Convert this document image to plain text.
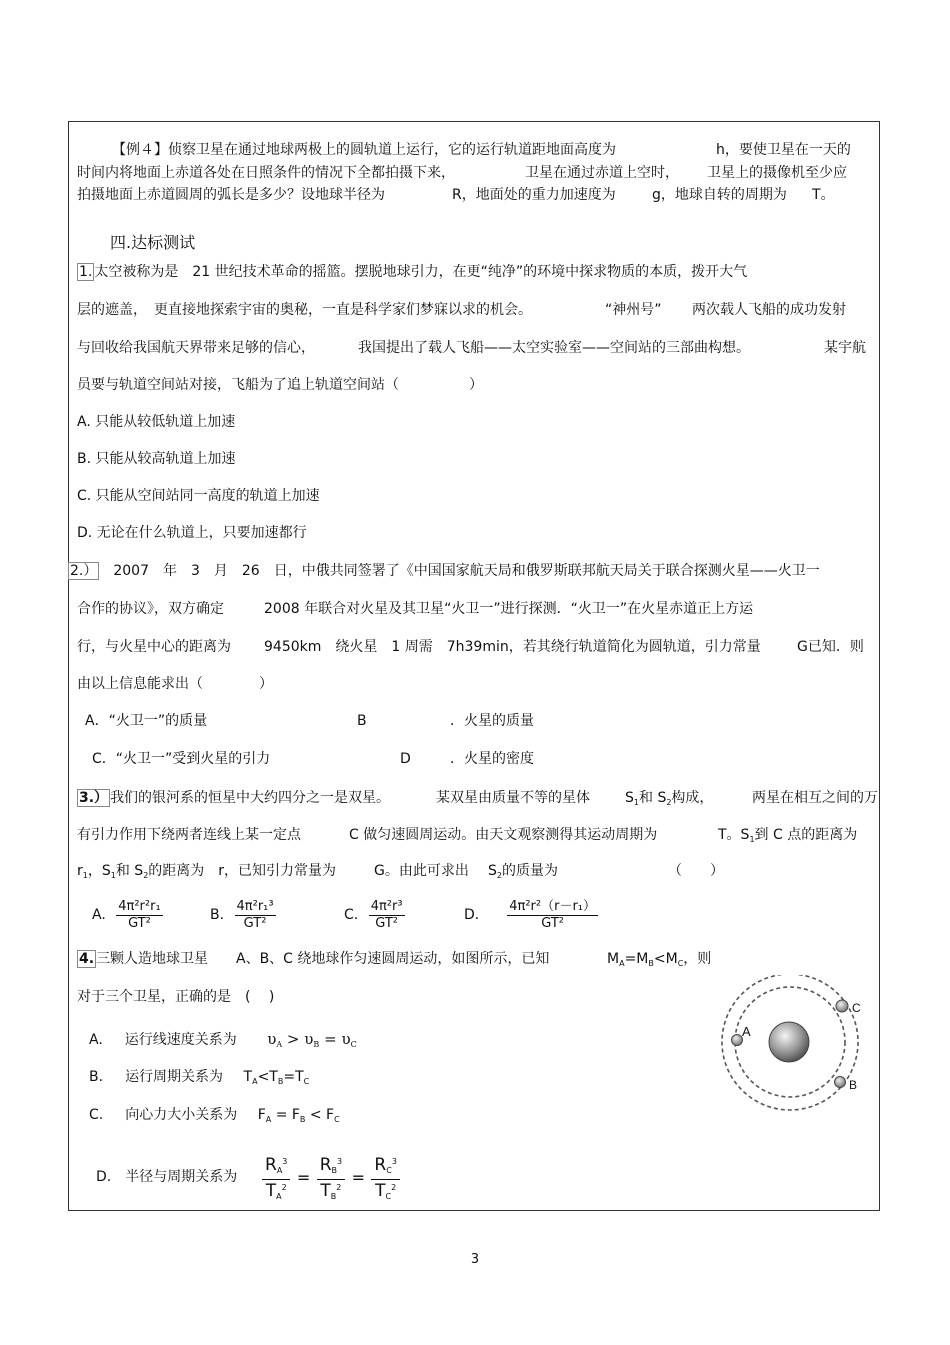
【例４】侦察卫星在通过地球两极上的圆轨道上运行，它的运行轨道距地面高度为	h，要使卫星在一天的
时间内将地面上赤道各处在日照条件的情况下全都拍摄下来，	卫星在通过赤道上空时， 卫星上的摄像机至少应
拍摄地面上赤道圆周的弧长是多少？设地球半径为	R，地面处的重力加速度为	g，地球自转的周期为 T。
四.达标测试
1. 太空被称为是　21 世纪技术革命的摇篮。摆脱地球引力，在更“纯净”的环境中探求物质的本质，拨开大气
层的遮盖，　更直接地探索宇宙的奥秘，一直是科学家们梦寐以求的机会。	“神州号” 两次载人飞船的成功发射
与回收给我国航天界带来足够的信心，	我国提出了载人飞船——太空实验室——空间站的三部曲构想。	某宇航
员要与轨道空间站对接，飞船为了追上轨道空间站（　　　　　）
A. 只能从较低轨道上加速
B. 只能从较高轨道上加速
C. 只能从空间站同一高度的轨道上加速
D. 无论在什么轨道上，只要加速都行
2.） 2007　年　3　月　26　日，中俄共同签署了《中国国家航天局和俄罗斯联邦航天局关于联合探测火星——火卫一
合作的协议》，双方确定	2008 年联合对火星及其卫星“火卫一”进行探测．“火卫一”在火星赤道正上方运
行，与火星中心的距离为 9450km　绕火星　1 周需　7h39min，若其绕行轨道简化为圆轨道，引力常量	G已知．则
由以上信息能求出（　　　　）
A．“火卫一”的质量	B	．火星的质量
C．“火卫一”受到火星的引力	D	．火星的密度
3.） 我们的银河系的恒星中大约四分之一是双星。	某双星由质量不等的星体	$S_1$和 $S_2$构成，	两星在相互之间的万
有引力作用下绕两者连线上某一定点	C 做匀速圆周运动。由天文观察测得其运动周期为	T。$S_1$到 C 点的距离为
$r_1$，$S_1$和 $S_2$的距离为　r，已知引力常量为	G。由此可求出 $S_2$的质量为	（　　）
A. $\frac{\text{4π²r²r₁}}{\text{GT²}}$	B. $\frac{\text{4π²r₁³}}{\text{GT²}}$	C. $\frac{\text{4π²r³}}{\text{GT²}}$	D． $\frac{\text{4π²r²（r－r₁）}}{\text{GT²}}$
4. 三颗人造地球卫星 A、B、C 绕地球作匀速圆周运动，如图所示，已知	$M_A=M_B<M_C$，则
对于三个卫星，正确的是　(　 )
A. 运行线速度关系为 $\upsilon_A > \upsilon_B = \upsilon_C$
B. 运行周期关系为 $T_A<T_B=T_C$
C. 向心力大小关系为 $F_A = F_B < F_C$
D. 半径与周期关系为 $\frac{RA^3}{TA^2} = \frac{RB^3}{TB^2} = \frac{RC^3}{TC^2}$
A
B
C
3
